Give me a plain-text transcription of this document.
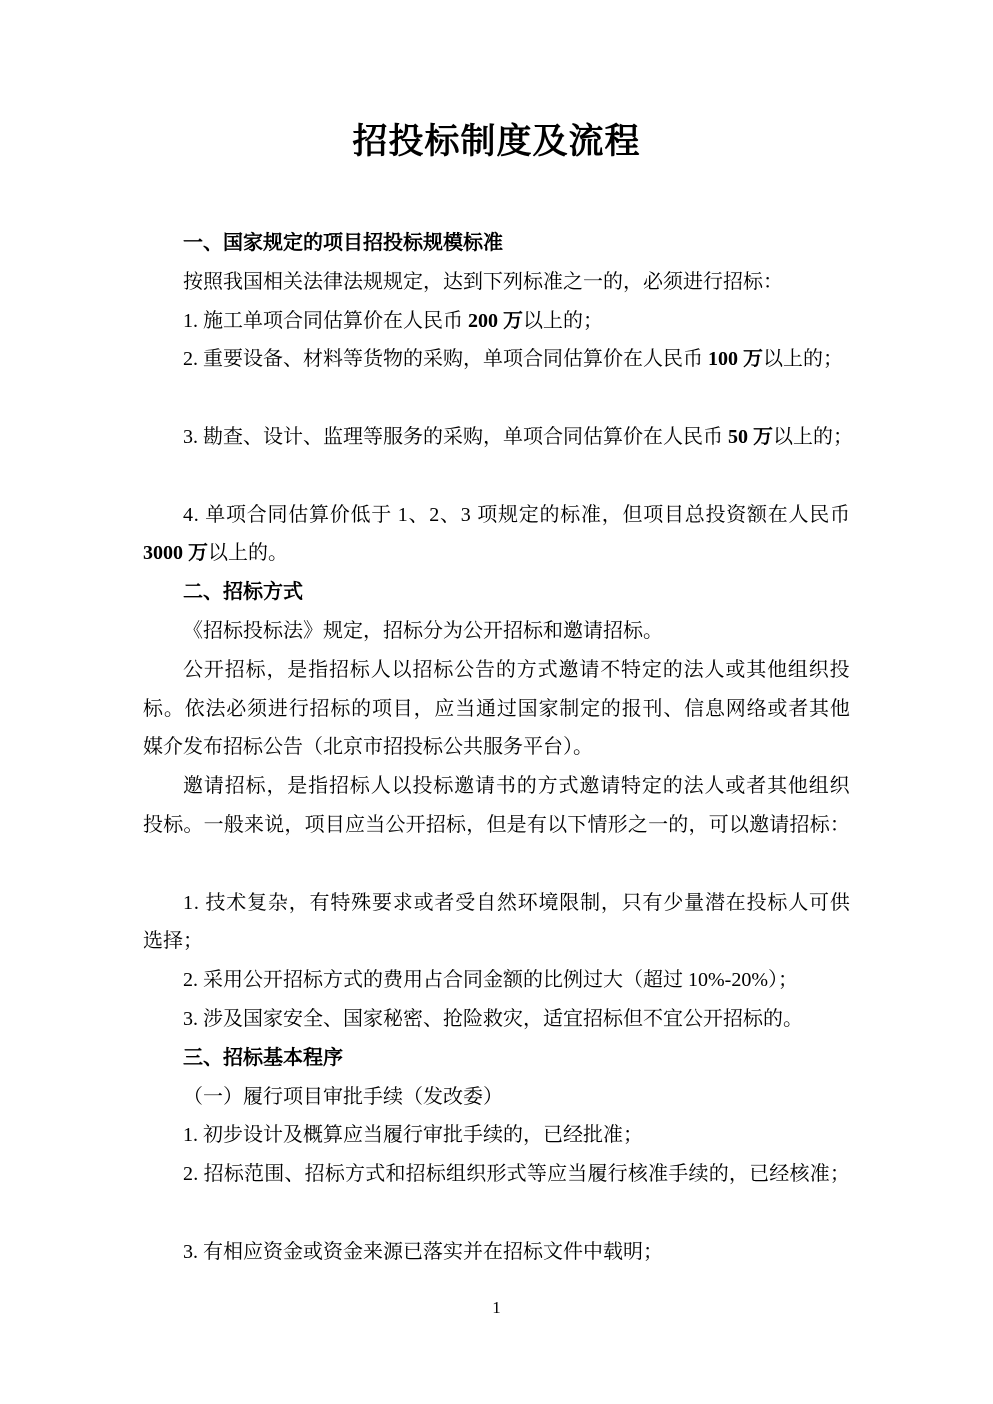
招投标制度及流程
一、国家规定的项目招投标规模标准
按照我国相关法律法规规定，达到下列标准之一的，必须进行招标：
1. 施工单项合同估算价在人民币 200 万以上的；
2. 重要设备、材料等货物的采购，单项合同估算价在人民币 100 万以上的；
3. 勘查、设计、监理等服务的采购，单项合同估算价在人民币 50 万以上的；
4 .
单 项 合 同 估 算 价 低 于
1 、 2 、 3
项 规 定 的 标 准 ， 但 项 目 总 投 资 额 在 人 民 币
3000 万以上的。
二、招标方式
《招标投标法》规定，招标分为公开招标和邀请招标。
公 开 招 标 ， 是 指 招 标 人 以 招 标 公 告 的 方 式 邀 请 不 特 定 的 法 人 或 其 他 组 织 投
标 。 依 法 必 须 进 行 招 标 的 项 目 ， 应 当 通 过 国 家 制 定 的 报 刊 、 信 息 网 络 或 者 其 他
媒介发布招标公告（北京市招投标公共服务平台）。
邀 请 招 标 ， 是 指 招 标 人 以 投 标 邀 请 书 的 方 式 邀 请 特 定 的 法 人 或 者 其 他 组 织
投 标 。 一 般 来 说 ， 项 目 应 当 公 开 招 标 ， 但 是 有 以 下 情 形 之 一 的 ， 可 以 邀 请 招 标 ：
1 .
技 术 复 杂 ， 有 特 殊 要 求 或 者 受 自 然 环 境 限 制 ， 只 有 少 量 潜 在 投 标 人 可 供
选择；
2. 采用公开招标方式的费用占合同金额的比例过大（超过 10%-20%）；
3. 涉及国家安全、国家秘密、抢险救灾，适宜招标但不宜公开招标的。
三、招标基本程序
（一）履行项目审批手续（发改委）
1. 初步设计及概算应当履行审批手续的，已经批准；
2 .
招 标 范 围 、 招 标 方 式 和 招 标 组 织 形 式 等 应 当 履 行 核 准 手 续 的 ， 已 经 核 准 ；
3. 有相应资金或资金来源已落实并在招标文件中载明；
1
